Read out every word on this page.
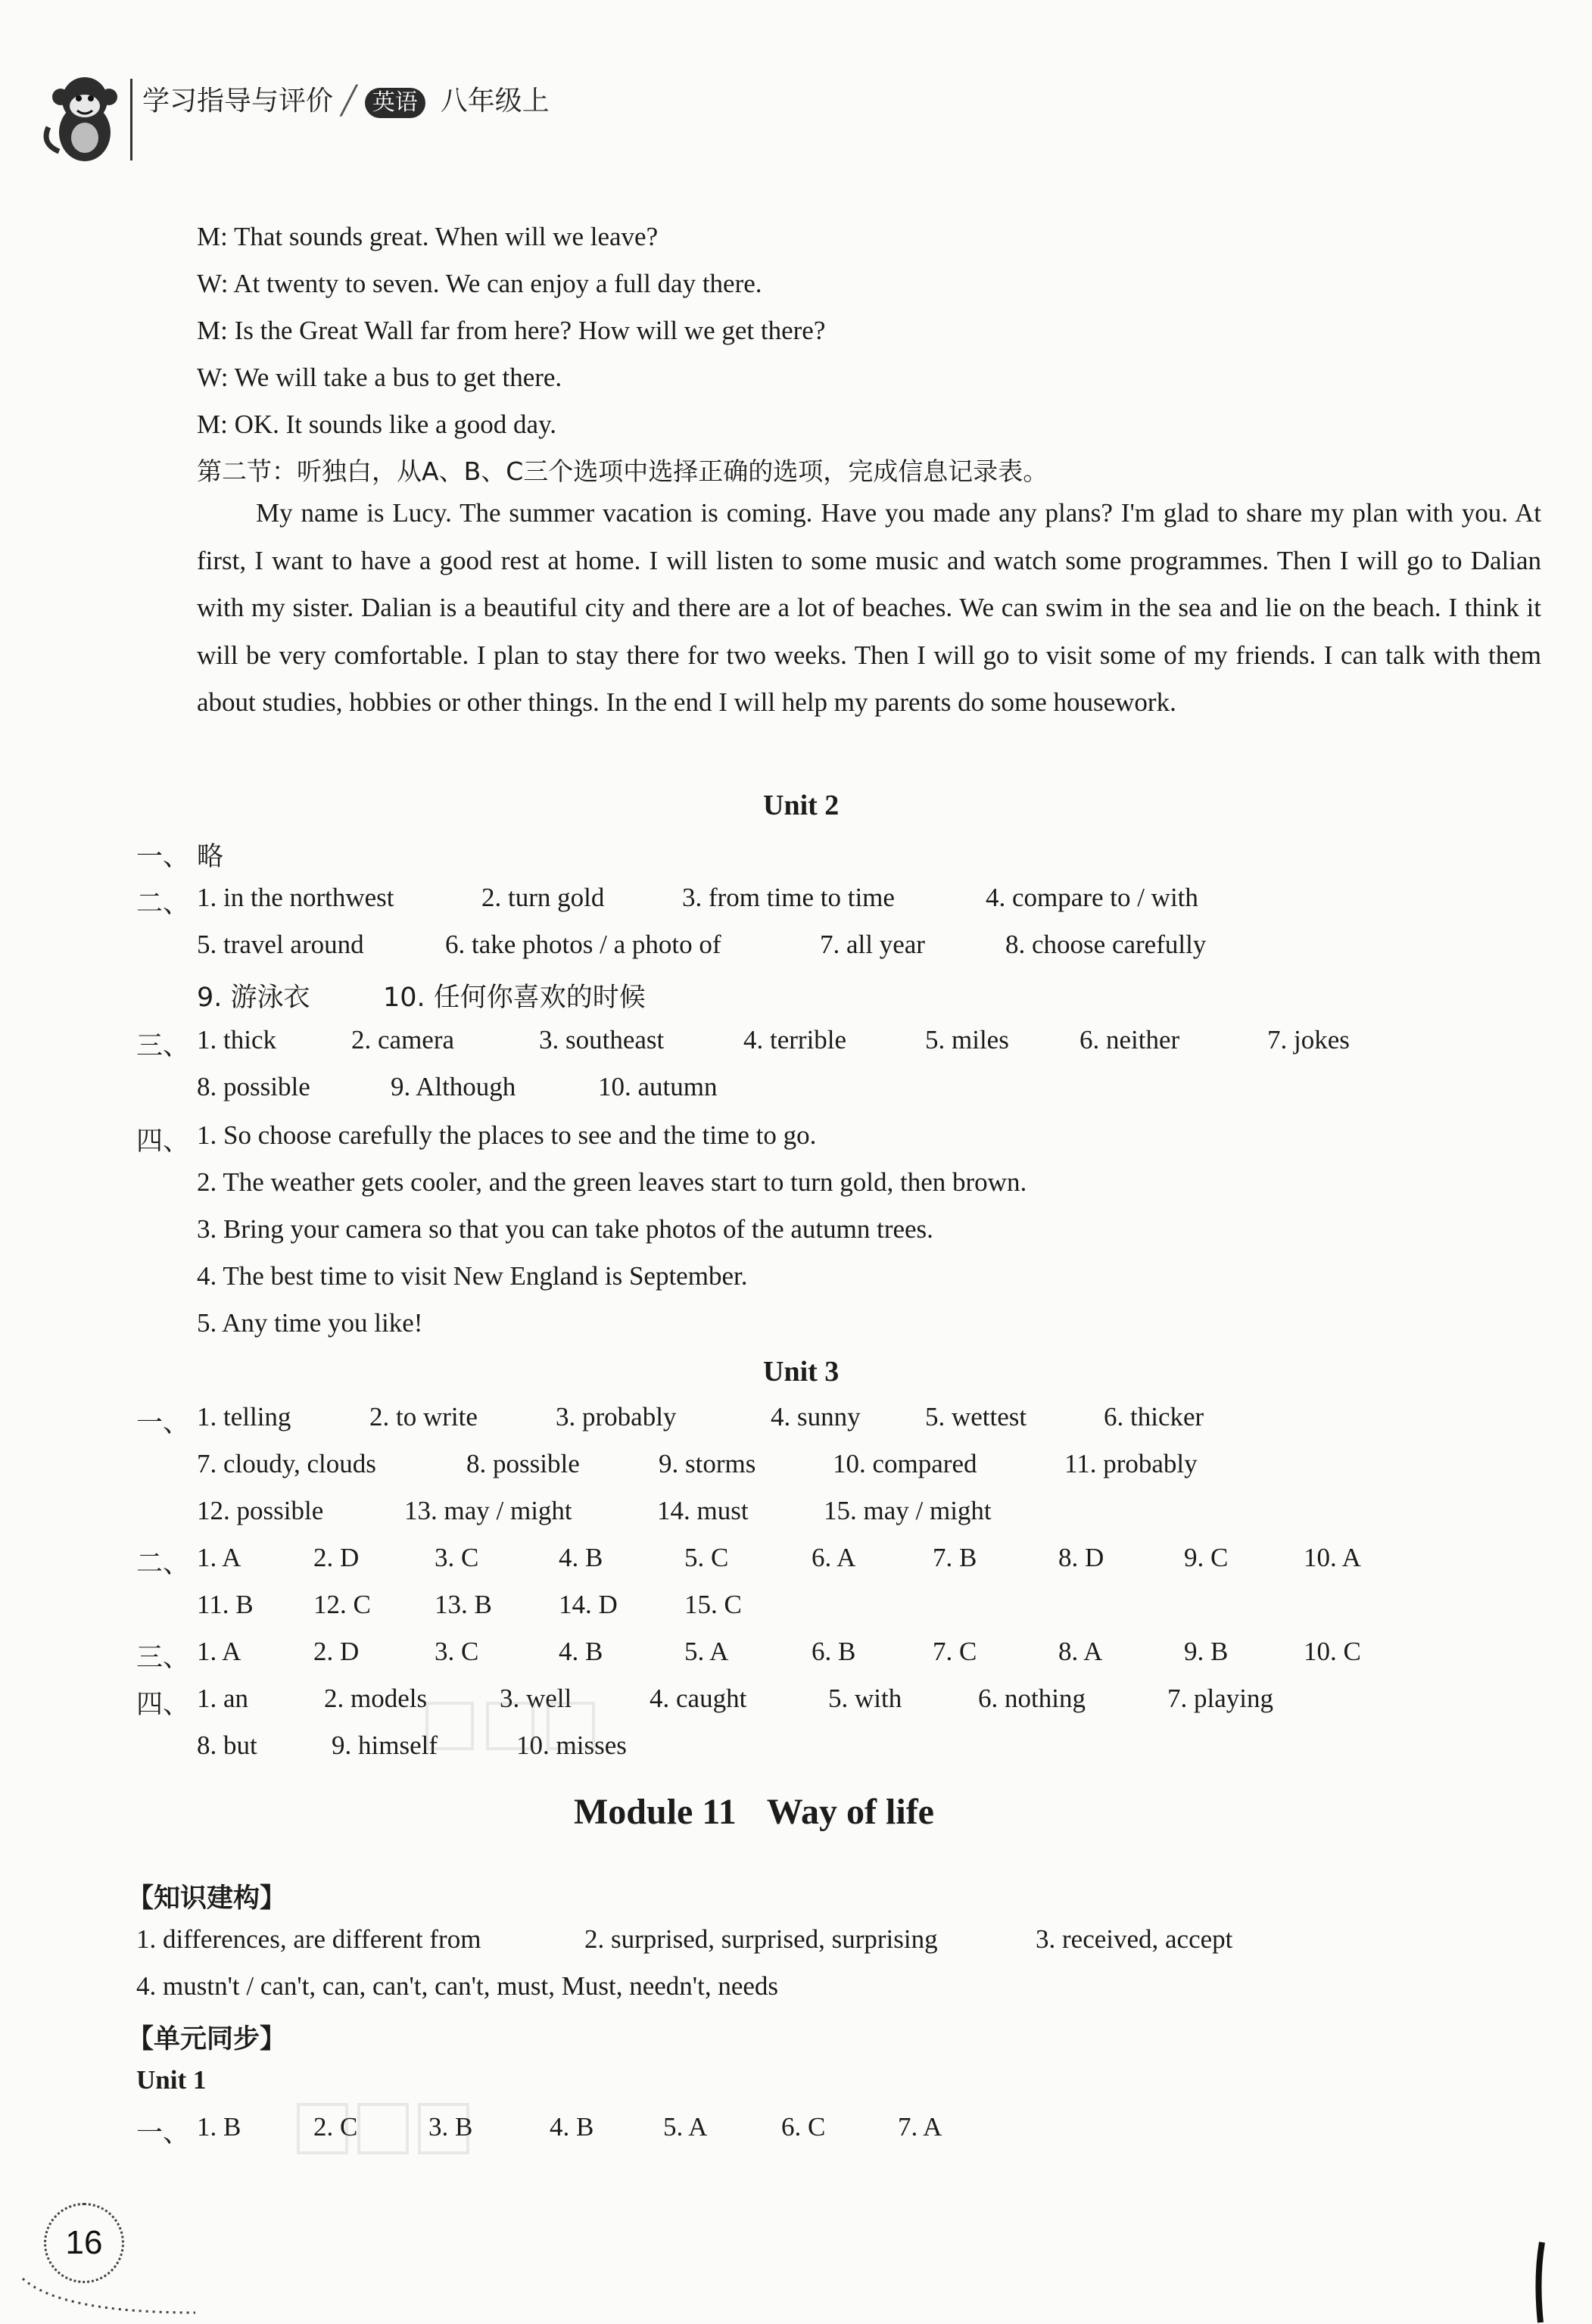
学习指导与评价 ╱ 英语 八年级上
M: That sounds great. When will we leave?
W: At twenty to seven. We can enjoy a full day there.
M: Is the Great Wall far from here? How will we get there?
W: We will take a bus to get there.
M: OK. It sounds like a good day.
第二节：听独白，从A、B、C三个选项中选择正确的选项，完成信息记录表。
My name is Lucy. The summer vacation is coming. Have you made any plans? I'm glad to share my plan with you. At first, I want to have a good rest at home. I will listen to some music and watch some programmes. Then I will go to Dalian with my sister. Dalian is a beautiful city and there are a lot of beaches. We can swim in the sea and lie on the beach. I think it will be very comfortable. I plan to stay there for two weeks. Then I will go to visit some of my friends. I can talk with them about studies, hobbies or other things. In the end I will help my parents do some housework.
Unit 2
一、 略
二、 1. in the northwest	2. turn gold	3. from time to time	4. compare to / with
5. travel around	6. take photos / a photo of	7. all year	8. choose carefully
9. 游泳衣	10. 任何你喜欢的时候
三、 1. thick	2. camera	3. southeast	4. terrible	5. miles	6. neither	7. jokes
8. possible	9. Although	10. autumn
四、 1. So choose carefully the places to see and the time to go.
2. The weather gets cooler, and the green leaves start to turn gold, then brown.
3. Bring your camera so that you can take photos of the autumn trees.
4. The best time to visit New England is September.
5. Any time you like!
Unit 3
一、 1. telling	2. to write	3. probably	4. sunny 5. wettest	6. thicker
7. cloudy, clouds	8. possible	9. storms	10. compared	11. probably
12. possible	13. may / might	14. must	15. may / might
二、 1. A	2. D	3. C	4. B	5. C	6. A	7. B	8. D	9. C	10. A
11. B 12. C 13. B	14. D	15. C
三、 1. A	2. D	3. C	4. B	5. A	6. B	7. C	8. A	9. B	10. C
四、 1. an	2. models	3. well	4. caught	5. with	6. nothing	7. playing
8. but	9. himself	10. misses
Module 11 Way of life
【知识建构】
1. differences, are different from	2. surprised, surprised, surprising	3. received, accept
4. mustn't / can't, can, can't, can't, must, Must, needn't, needs
【单元同步】
Unit 1
一、 1. B	2. C	3. B	4. B	5. A	6. C	7. A
16
